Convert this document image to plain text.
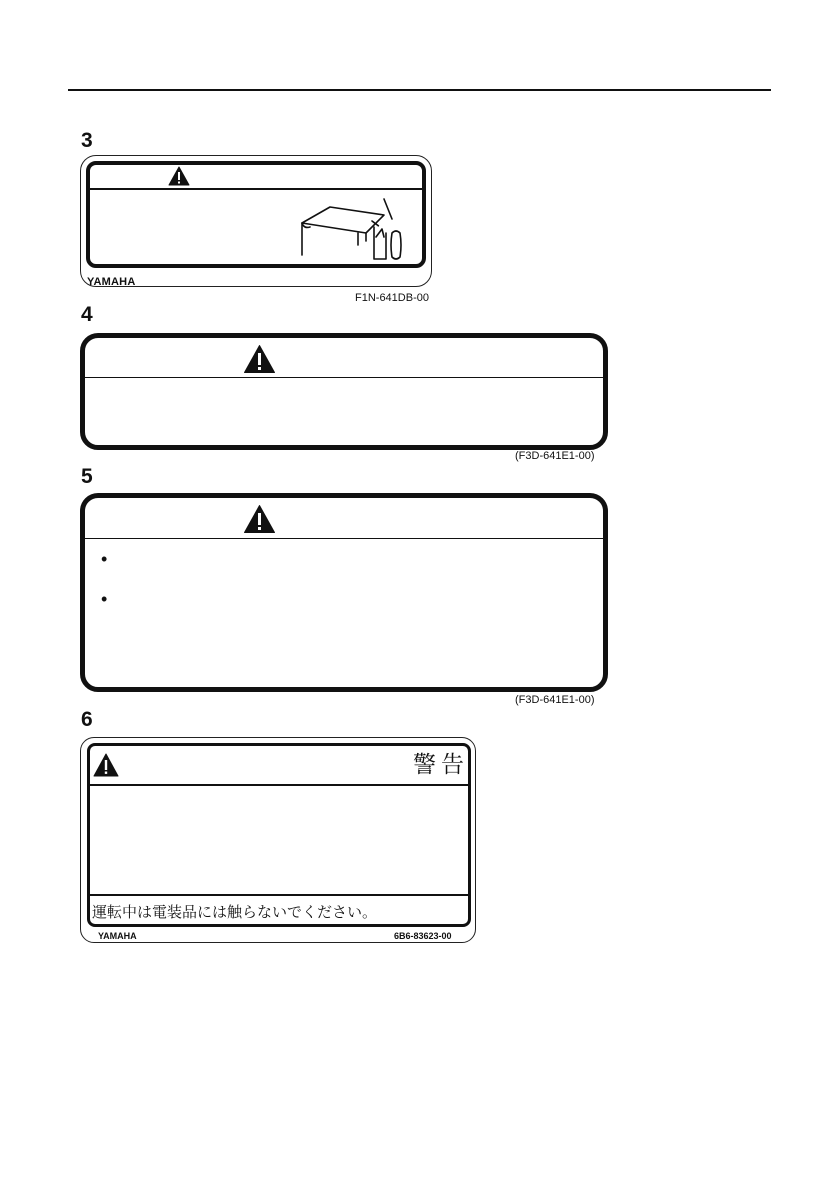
3
YAMAHA
F1N-641DB-00
4
(F3D-641E1-00)
5
•
•
(F3D-641E1-00)
6
警告
運転中は電装品には触らないでください。
YAMAHA	6B6-83623-00
